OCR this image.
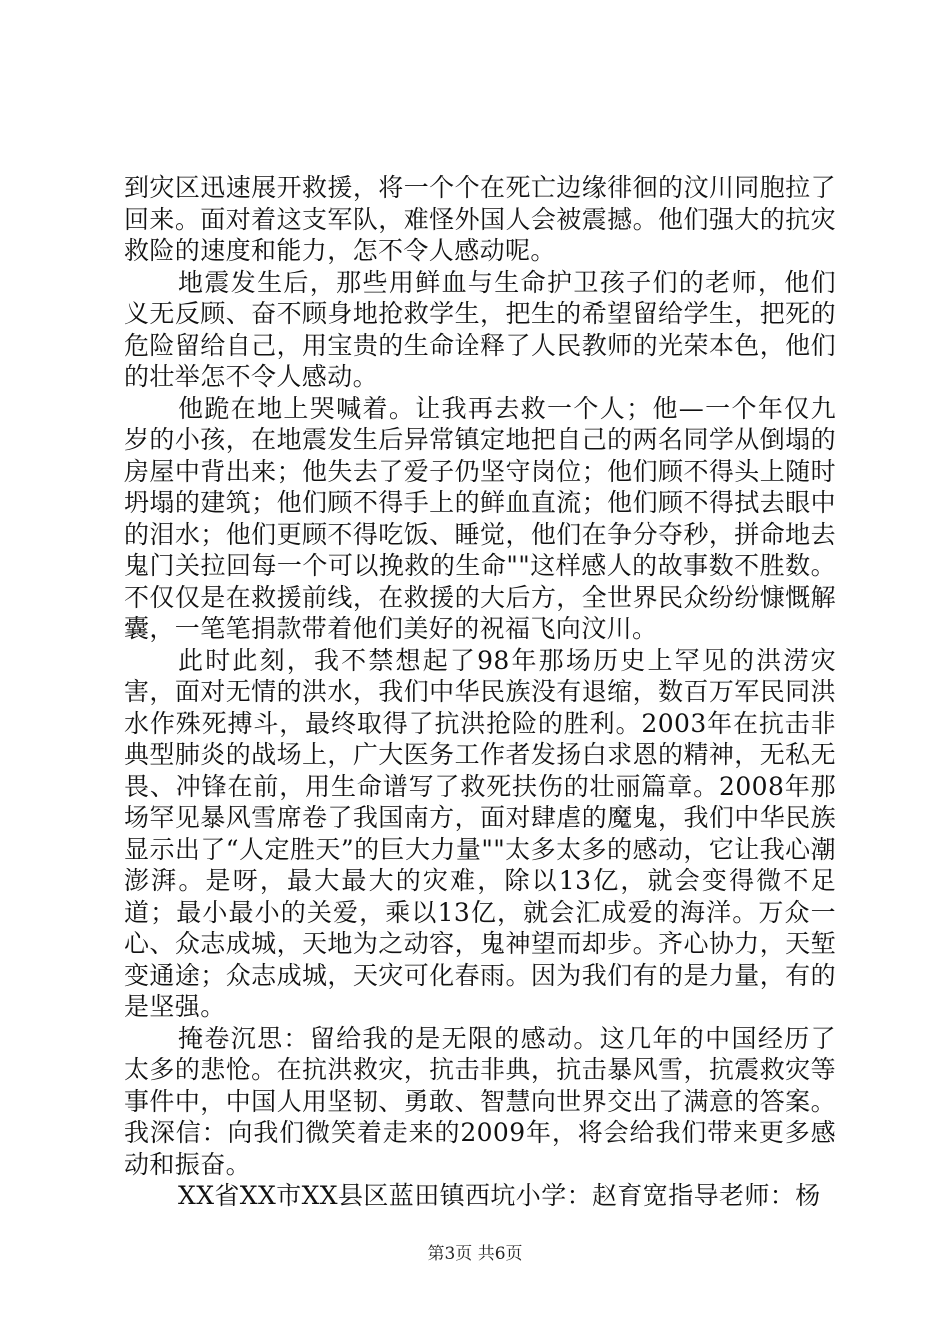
到灾区迅速展开救援，将一个个在死亡边缘徘徊的汶川同胞拉了回来。面对着这支军队，难怪外国人会被震撼。他们强大的抗灾救险的速度和能力，怎不令人感动呢。

地震发生后，那些用鲜血与生命护卫孩子们的老师，他们义无反顾、奋不顾身地抢救学生，把生的希望留给学生，把死的危险留给自己，用宝贵的生命诠释了人民教师的光荣本色，他们的壮举怎不令人感动。

他跪在地上哭喊着。让我再去救一个人；他—一个年仅九岁的小孩，在地震发生后异常镇定地把自己的两名同学从倒塌的房屋中背出来；他失去了爱子仍坚守岗位；他们顾不得头上随时坍塌的建筑；他们顾不得手上的鲜血直流；他们顾不得拭去眼中的泪水；他们更顾不得吃饭、睡觉，他们在争分夺秒，拼命地去鬼门关拉回每一个可以挽救的生命""这样感人的故事数不胜数。不仅仅是在救援前线，在救援的大后方，全世界民众纷纷慷慨解囊，一笔笔捐款带着他们美好的祝福飞向汶川。

此时此刻，我不禁想起了98年那场历史上罕见的洪涝灾害，面对无情的洪水，我们中华民族没有退缩，数百万军民同洪水作殊死搏斗，最终取得了抗洪抢险的胜利。2003年在抗击非典型肺炎的战场上，广大医务工作者发扬白求恩的精神，无私无畏、冲锋在前，用生命谱写了救死扶伤的壮丽篇章。2008年那场罕见暴风雪席卷了我国南方，面对肆虐的魔鬼，我们中华民族显示出了“人定胜天”的巨大力量""太多太多的感动，它让我心潮澎湃。是呀，最大最大的灾难，除以13亿，就会变得微不足道；最小最小的关爱，乘以13亿，就会汇成爱的海洋。万众一心、众志成城，天地为之动容，鬼神望而却步。齐心协力，天堑变通途；众志成城，天灾可化春雨。因为我们有的是力量，有的是坚强。

掩卷沉思：留给我的是无限的感动。这几年的中国经历了太多的悲怆。在抗洪救灾，抗击非典，抗击暴风雪，抗震救灾等事件中，中国人用坚韧、勇敢、智慧向世界交出了满意的答案。我深信：向我们微笑着走来的2009年，将会给我们带来更多感动和振奋。

XX省XX市XX县区蓝田镇西坑小学：赵育宽指导老师：杨

第3页 共6页
